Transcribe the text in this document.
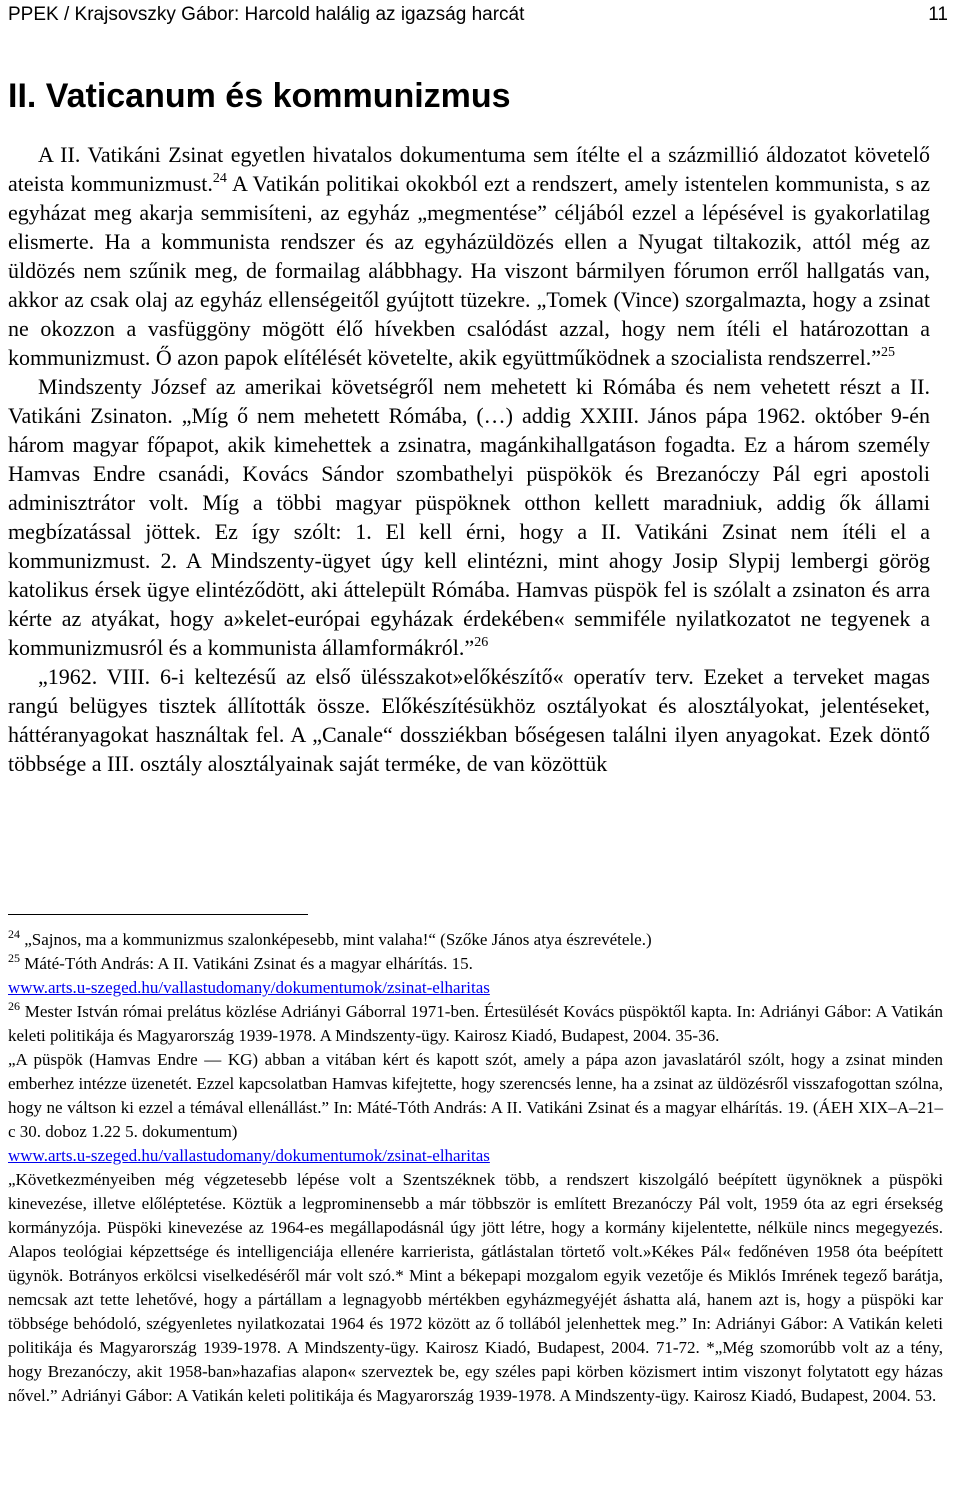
PPEK / Krajsovszky Gábor: Harcold halálig az igazság harcát	11
II. Vaticanum és kommunizmus

A II. Vatikáni Zsinat egyetlen hivatalos dokumentuma sem ítélte el a százmillió áldozatot követelő ateista kommunizmust.$^{24}$ A Vatikán politikai okokból ezt a rendszert, amely istentelen kommunista, s az egyházat meg akarja semmisíteni, az egyház „megmentése” céljából ezzel a lépésével is gyakorlatilag elismerte. Ha a kommunista rendszer és az egyházüldözés ellen a Nyugat tiltakozik, attól még az üldözés nem szűnik meg, de formailag alábbhagy. Ha viszont bármilyen fórumon erről hallgatás van, akkor az csak olaj az egyház ellenségeitől gyújtott tüzekre. „Tomek (Vince) szorgalmazta, hogy a zsinat ne okozzon a vasfüggöny mögött élő hívekben csalódást azzal, hogy nem ítéli el határozottan a kommunizmust. Ő azon papok elítélését követelte, akik együttműködnek a szocialista rendszerrel.”$^{25}$

Mindszenty József az amerikai követségről nem mehetett ki Rómába és nem vehetett részt a II. Vatikáni Zsinaton. „Míg ő nem mehetett Rómába, (…) addig XXIII. János pápa 1962. október 9-én három magyar főpapot, akik kimehettek a zsinatra, magánkihallgatáson fogadta. Ez a három személy Hamvas Endre csanádi, Kovács Sándor szombathelyi püspökök és Brezanóczy Pál egri apostoli adminisztrátor volt. Míg a többi magyar püspöknek otthon kellett maradniuk, addig ők állami megbízatással jöttek. Ez így szólt: 1. El kell érni, hogy a II. Vatikáni Zsinat nem ítéli el a kommunizmust. 2. A Mindszenty-ügyet úgy kell elintézni, mint ahogy Josip Slypij lembergi görög katolikus érsek ügye elintéződött, aki áttelepült Rómába. Hamvas püspök fel is szólalt a zsinaton és arra kérte az atyákat, hogy a»kelet-európai egyházak érdekében« semmiféle nyilatkozatot ne tegyenek a kommunizmusról és a kommunista államformákról.”$^{26}$

„1962. VIII. 6-i keltezésű az első ülésszakot»előkészítő« operatív terv. Ezeket a terveket magas rangú belügyes tisztek állították össze. Előkészítésükhöz osztályokat és alosztályokat, jelentéseket, háttéranyagokat használtak fel. A „Canale“ dossziékban bőségesen találni ilyen anyagokat. Ezek döntő többsége a III. osztály alosztályainak saját terméke, de van közöttük

$^{24}$ „Sajnos, ma a kommunizmus szalonképesebb, mint valaha!“ (Szőke János atya észrevétele.)

$^{25}$ Máté-Tóth András: A II. Vatikáni Zsinat és a magyar elhárítás. 15.
www.arts.u-szeged.hu/vallastudomany/dokumentumok/zsinat-elharitas

$^{26}$ Mester István római prelátus közlése Adriányi Gáborral 1971-ben. Értesülését Kovács püspöktől kapta. In: Adriányi Gábor: A Vatikán keleti politikája és Magyarország 1939-1978. A Mindszenty-ügy. Kairosz Kiadó, Budapest, 2004. 35-36.

„A püspök (Hamvas Endre — KG) abban a vitában kért és kapott szót, amely a pápa azon javaslatáról szólt, hogy a zsinat minden emberhez intézze üzenetét. Ezzel kapcsolatban Hamvas kifejtette, hogy szerencsés lenne, ha a zsinat az üldözésről visszafogottan szólna, hogy ne váltson ki ezzel a témával ellenállást.” In: Máté-Tóth András: A II. Vatikáni Zsinat és a magyar elhárítás. 19. (ÁEH XIX–A–21–c 30. doboz 1.22 5. dokumentum)

www.arts.u-szeged.hu/vallastudomany/dokumentumok/zsinat-elharitas

„Következményeiben még végzetesebb lépése volt a Szentszéknek több, a rendszert kiszolgáló beépített ügynöknek a püspöki kinevezése, illetve előléptetése. Köztük a legprominensebb a már többször is említett Brezanóczy Pál volt, 1959 óta az egri érsekség kormányzója. Püspöki kinevezése az 1964-es megállapodásnál úgy jött létre, hogy a kormány kijelentette, nélküle nincs megegyezés. Alapos teológiai képzettsége és intelligenciája ellenére karrierista, gátlástalan törtető volt.»Kékes Pál« fedőnéven 1958 óta beépített ügynök. Botrányos erkölcsi viselkedéséről már volt szó.* Mint a békepapi mozgalom egyik vezetője és Miklós Imrének tegező barátja, nemcsak azt tette lehetővé, hogy a pártállam a legnagyobb mértékben egyházmegyéjét áshatta alá, hanem azt is, hogy a püspöki kar többsége behódoló, szégyenletes nyilatkozatai 1964 és 1972 között az ő tollából jelenhettek meg.” In: Adriányi Gábor: A Vatikán keleti politikája és Magyarország 1939-1978. A Mindszenty-ügy. Kairosz Kiadó, Budapest, 2004. 71-72. *„Még szomorúbb volt az a tény, hogy Brezanóczy, akit 1958-ban»hazafias alapon« szerveztek be, egy széles papi körben közismert intim viszonyt folytatott egy házas nővel.” Adriányi Gábor: A Vatikán keleti politikája és Magyarország 1939-1978. A Mindszenty-ügy. Kairosz Kiadó, Budapest, 2004. 53.
